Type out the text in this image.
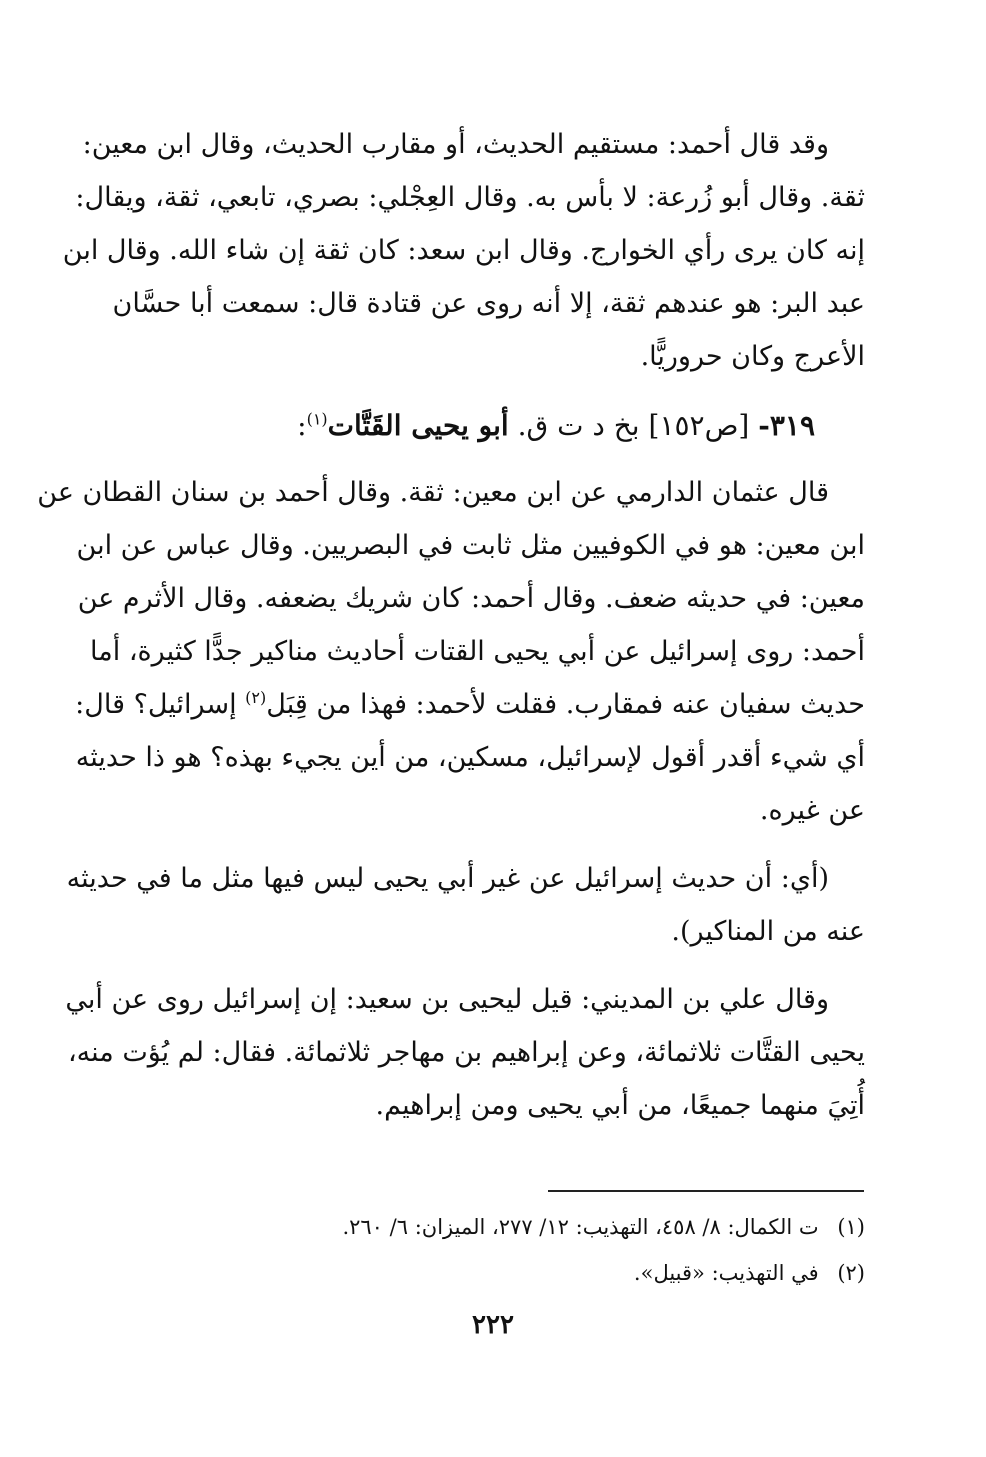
وقد قال أحمد: مستقيم الحديث، أو مقارب الحديث، وقال ابن معين:
ثقة. وقال أبو زُرعة: لا بأس به. وقال العِجْلي: بصري، تابعي، ثقة، ويقال:
إنه كان يرى رأي الخوارج. وقال ابن سعد: كان ثقة إن شاء الله. وقال ابن
عبد البر: هو عندهم ثقة، إلا أنه روى عن قتادة قال: سمعت أبا حسَّان
الأعرج وكان حروريًّا.
٣١٩- [ص١٥٢] بخ د ت ق. أبو يحيى القَتَّات$^{(١)}$:
قال عثمان الدارمي عن ابن معين: ثقة. وقال أحمد بن سنان القطان عن
ابن معين: هو في الكوفيين مثل ثابت في البصريين. وقال عباس عن ابن
معين: في حديثه ضعف. وقال أحمد: كان شريك يضعفه. وقال الأثرم عن
أحمد: روى إسرائيل عن أبي يحيى القتات أحاديث مناكير جدًّا كثيرة، أما
حديث سفيان عنه فمقارب. فقلت لأحمد: فهذا من قِبَل$^{(٢)}$ إسرائيل؟ قال:
أي شيء أقدر أقول لإسرائيل، مسكين، من أين يجيء بهذه؟ هو ذا حديثه
عن غيره.
(أي: أن حديث إسرائيل عن غير أبي يحيى ليس فيها مثل ما في حديثه
عنه من المناكير).
وقال علي بن المديني: قيل ليحيى بن سعيد: إن إسرائيل روى عن أبي
يحيى القتَّات ثلاثمائة، وعن إبراهيم بن مهاجر ثلاثمائة. فقال: لم يُؤت منه،
أُتِيَ منهما جميعًا، من أبي يحيى ومن إبراهيم.
(١) ت الكمال: ٨/ ٤٥٨، التهذيب: ١٢/ ٢٧٧، الميزان: ٦/ ٢٦٠.
(٢) في التهذيب: «قبيل».
٢٢٢
